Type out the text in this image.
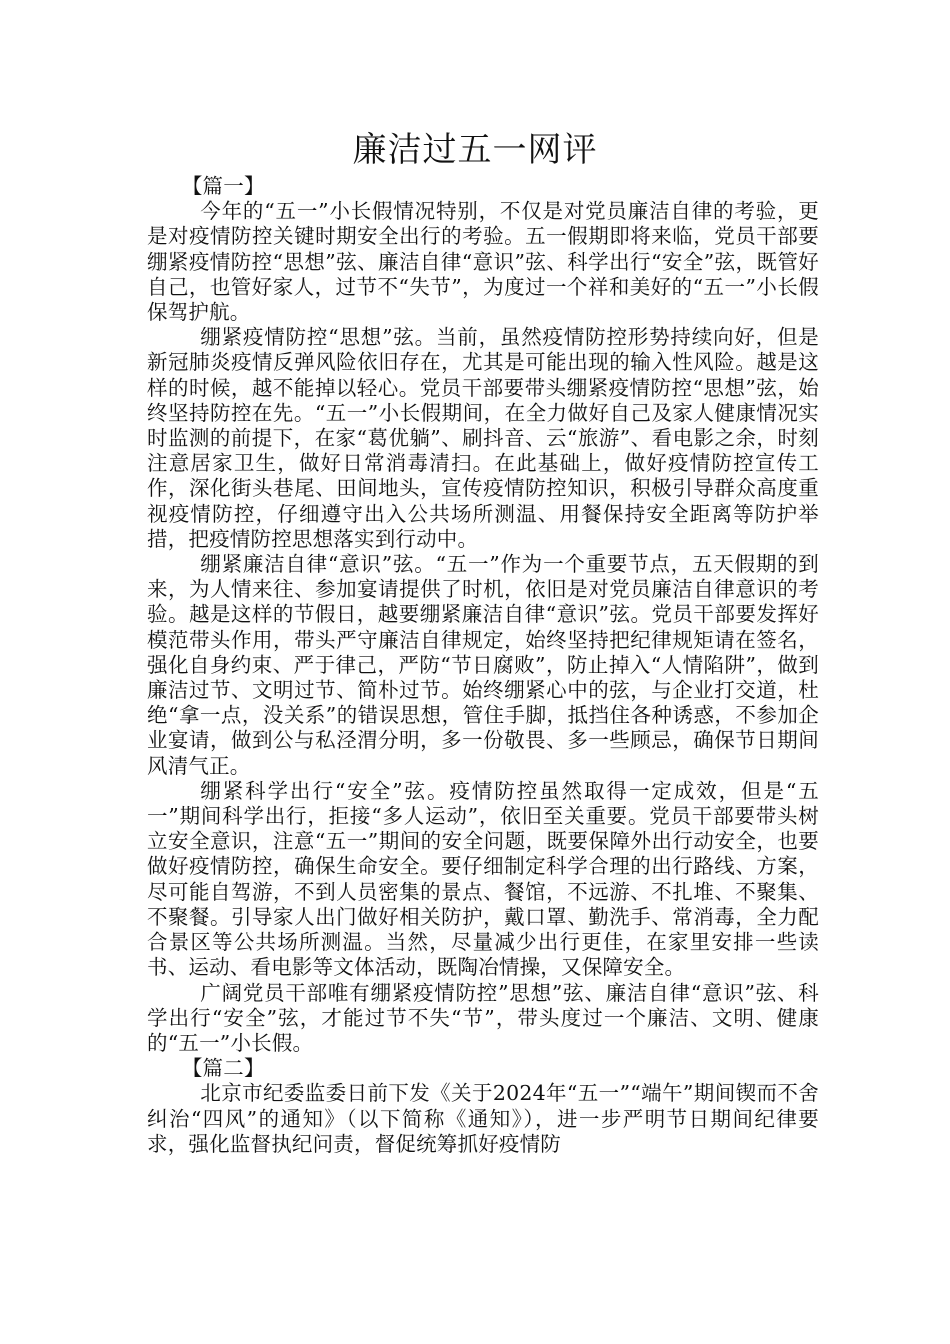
廉洁过五一网评

【篇一】

今年的“五一”小长假情况特别，不仅是对党员廉洁自律的考验，更是对疫情防控关键时期安全出行的考验。五一假期即将来临，党员干部要绷紧疫情防控“思想”弦、廉洁自律“意识”弦、科学出行“安全”弦，既管好自己，也管好家人，过节不“失节”，为度过一个祥和美好的“五一”小长假保驾护航。

绷紧疫情防控“思想”弦。当前，虽然疫情防控形势持续向好，但是新冠肺炎疫情反弹风险依旧存在，尤其是可能出现的输入性风险。越是这样的时候，越不能掉以轻心。党员干部要带头绷紧疫情防控“思想”弦，始终坚持防控在先。“五一”小长假期间，在全力做好自己及家人健康情况实时监测的前提下，在家“葛优躺”、刷抖音、云“旅游”、看电影之余，时刻注意居家卫生，做好日常消毒清扫。在此基础上，做好疫情防控宣传工作，深化街头巷尾、田间地头，宣传疫情防控知识，积极引导群众高度重视疫情防控，仔细遵守出入公共场所测温、用餐保持安全距离等防护举措，把疫情防控思想落实到行动中。

绷紧廉洁自律“意识”弦。“五一”作为一个重要节点，五天假期的到来，为人情来往、参加宴请提供了时机，依旧是对党员廉洁自律意识的考验。越是这样的节假日，越要绷紧廉洁自律“意识”弦。党员干部要发挥好模范带头作用，带头严守廉洁自律规定，始终坚持把纪律规矩请在签名，强化自身约束、严于律己，严防“节日腐败”，防止掉入“人情陷阱”，做到廉洁过节、文明过节、简朴过节。始终绷紧心中的弦，与企业打交道，杜绝“拿一点，没关系”的错误思想，管住手脚，抵挡住各种诱惑，不参加企业宴请，做到公与私泾渭分明，多一份敬畏、多一些顾忌，确保节日期间风清气正。

绷紧科学出行“安全”弦。疫情防控虽然取得一定成效，但是“五一”期间科学出行，拒接“多人运动”，依旧至关重要。党员干部要带头树立安全意识，注意“五一”期间的安全问题，既要保障外出行动安全，也要做好疫情防控，确保生命安全。要仔细制定科学合理的出行路线、方案，尽可能自驾游，不到人员密集的景点、餐馆，不远游、不扎堆、不聚集、不聚餐。引导家人出门做好相关防护，戴口罩、勤洗手、常消毒，全力配合景区等公共场所测温。当然，尽量减少出行更佳，在家里安排一些读书、运动、看电影等文体活动，既陶冶情操，又保障安全。

广阔党员干部唯有绷紧疫情防控”思想”弦、廉洁自律“意识”弦、科学出行“安全”弦，才能过节不失“节”，带头度过一个廉洁、文明、健康的“五一”小长假。

【篇二】

北京市纪委监委日前下发《关于2024年“五一”“端午”期间锲而不舍纠治“四风”的通知》（以下简称《通知》），进一步严明节日期间纪律要求，强化监督执纪问责，督促统筹抓好疫情防
